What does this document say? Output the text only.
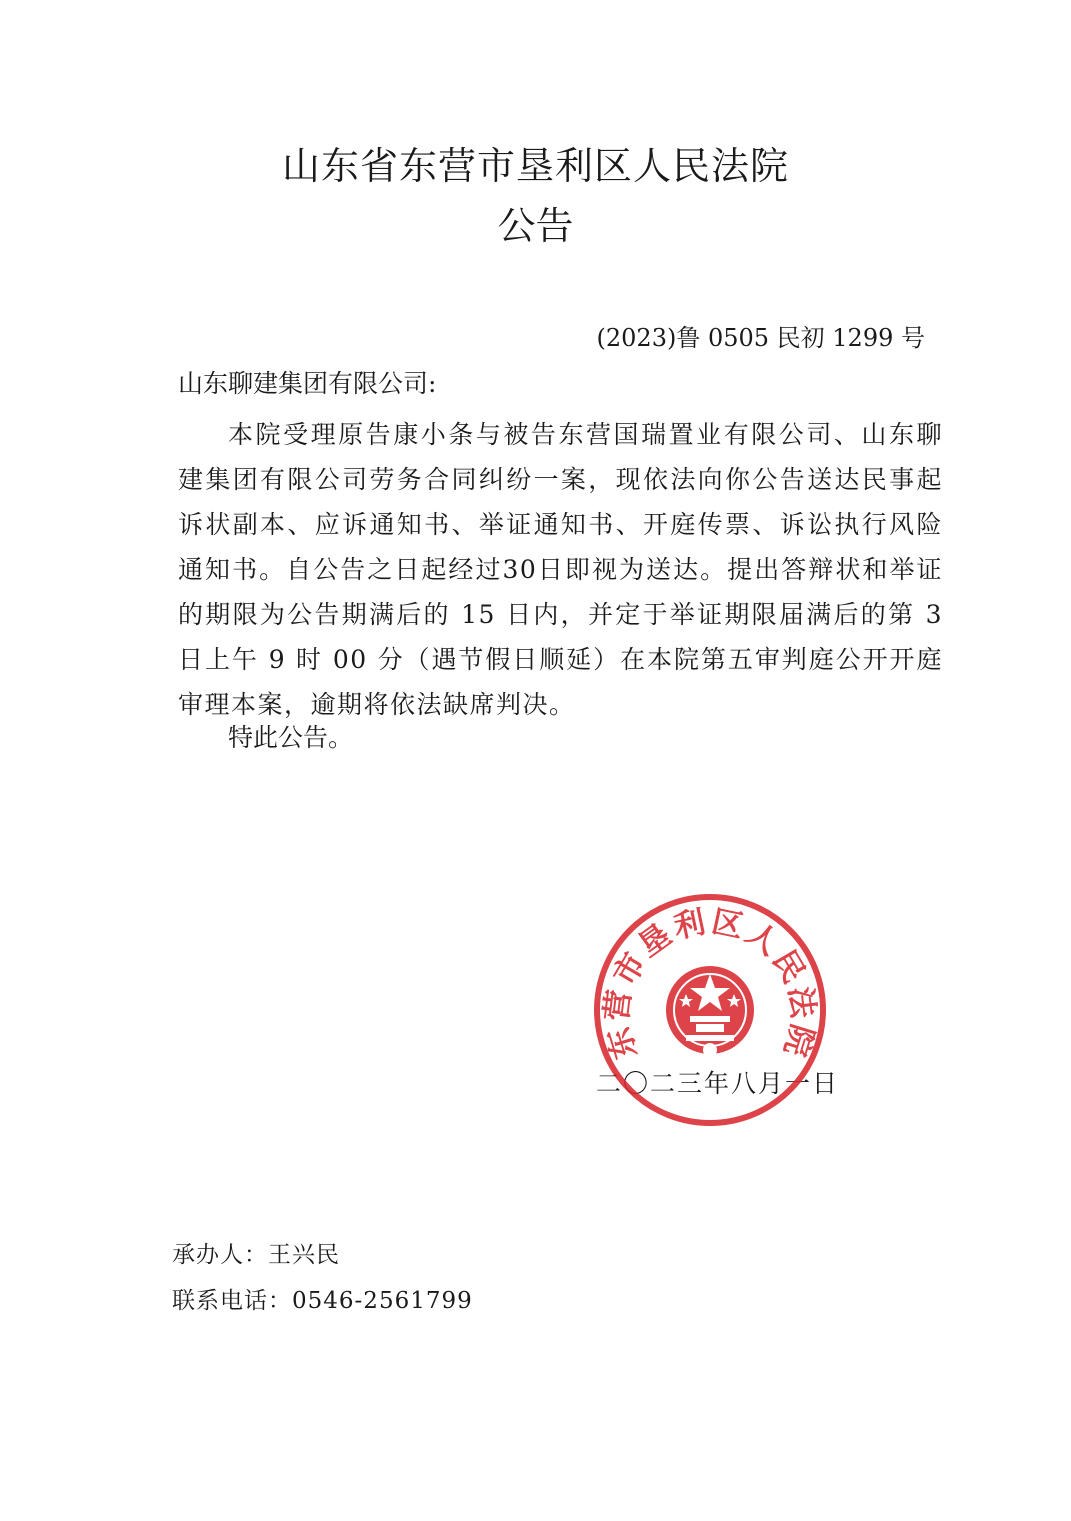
山东省东营市垦利区人民法院
公告
(2023)鲁 0505 民初 1299 号
山东聊建集团有限公司:
本院受理原告康小条与被告东营国瑞置业有限公司、山东聊建集团有限公司劳务合同纠纷一案，现依法向你公告送达民事起诉状副本、应诉通知书、举证通知书、开庭传票、诉讼执行风险通知书。自公告之日起经过30日即视为送达。提出答辩状和举证的期限为公告期满后的 15 日内，并定于举证期限届满后的第 3 日上午 9 时 00 分（遇节假日顺延）在本院第五审判庭公开开庭审理本案，逾期将依法缺席判决。
特此公告。
二〇二三年八月一日
东营市垦利区人民法院
承办人：王兴民
联系电话：0546-2561799
